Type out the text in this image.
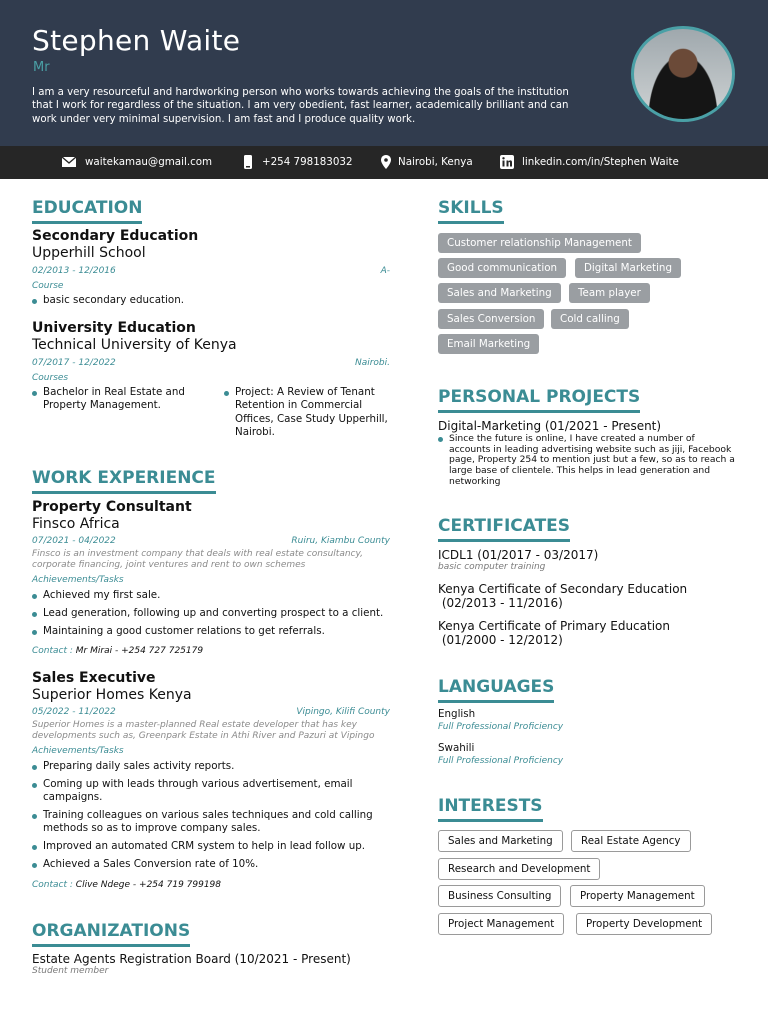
Stephen Waite
Mr
I am a very resourceful and hardworking person who works towards achieving the goals of the institution that I work for regardless of the situation. I am very obedient, fast learner, academically brilliant and can work under very minimal supervision. I am fast and I produce quality work.
waitekamau@gmail.com	+254 798183032	Nairobi, Kenya	linkedin.com/in/Stephen Waite
EDUCATION
Secondary Education
Upperhill School
02/2013 - 12/2016	A-
Course
basic secondary education.
University Education
Technical University of Kenya
07/2017 - 12/2022	Nairobi.
Courses
Bachelor in Real Estate and Property Management.
Project: A Review of Tenant Retention in Commercial Offices, Case Study Upperhill, Nairobi.
WORK EXPERIENCE
Property Consultant
Finsco Africa
07/2021 - 04/2022	Ruiru, Kiambu County
Finsco is an investment company that deals with real estate consultancy, corporate financing, joint ventures and rent to own schemes
Achievements/Tasks
Achieved my first sale.
Lead generation, following up and converting prospect to a client.
Maintaining a good customer relations to get referrals.
Contact : Mr Mirai - +254 727 725179
Sales Executive
Superior Homes Kenya
05/2022 - 11/2022	Vipingo, Kilifi County
Superior Homes is a master-planned Real estate developer that has key developments such as, Greenpark Estate in Athi River and Pazuri at Vipingo
Achievements/Tasks
Preparing daily sales activity reports.
Coming up with leads through various advertisement, email campaigns.
Training colleagues on various sales techniques and cold calling methods so as to improve company sales.
Improved an automated CRM system to help in lead follow up.
Achieved a Sales Conversion rate of 10%.
Contact : Clive Ndege - +254 719 799198
ORGANIZATIONS
Estate Agents Registration Board (10/2021 - Present)
Student member
SKILLS
Customer relationship Management
Good communication	Digital Marketing
Sales and Marketing	Team player
Sales Conversion	Cold calling
Email Marketing
PERSONAL PROJECTS
Digital-Marketing (01/2021 - Present)
Since the future is online, I have created a number of accounts in leading advertising website such as jiji, Facebook page, Property 254 to mention just but a few, so as to reach a large base of clientele. This helps in lead generation and networking
CERTIFICATES
ICDL1 (01/2017 - 03/2017)
basic computer training
Kenya Certificate of Secondary Education
(02/2013 - 11/2016)
Kenya Certificate of Primary Education
(01/2000 - 12/2012)
LANGUAGES
English
Full Professional Proficiency
Swahili
Full Professional Proficiency
INTERESTS
Sales and Marketing	Real Estate Agency
Research and Development
Business Consulting	Property Management
Project Management	Property Development
